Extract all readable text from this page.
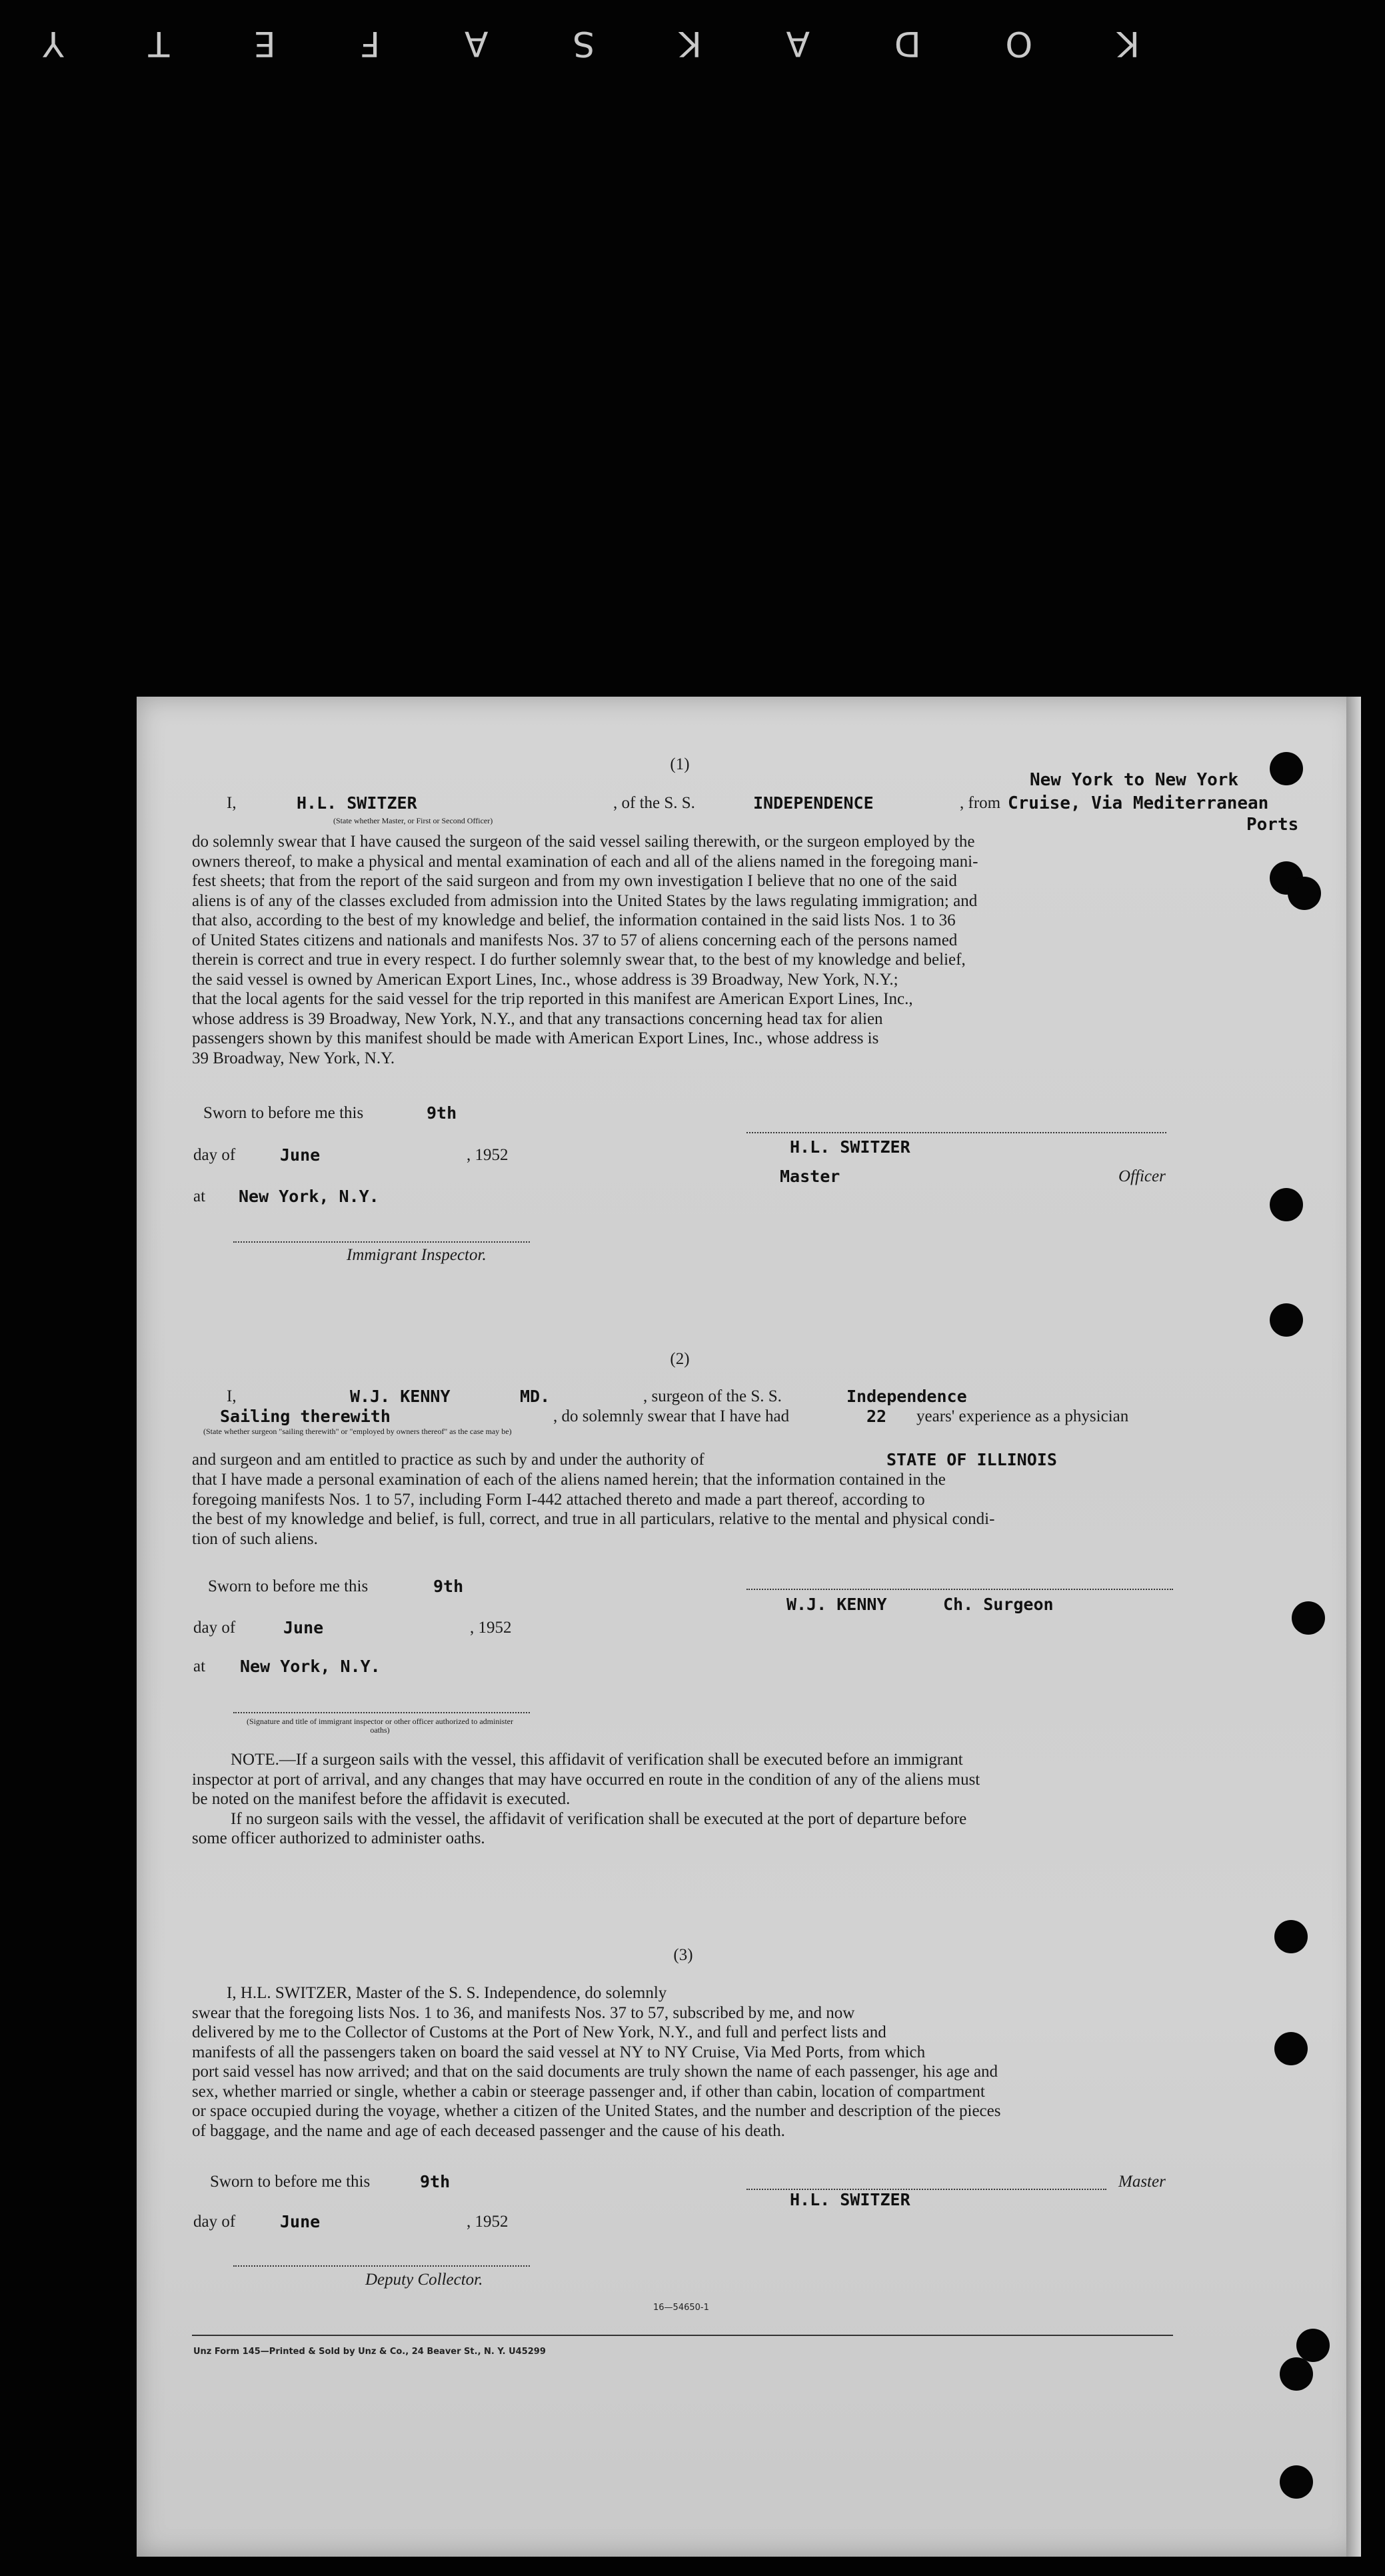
K
O
D
A
K
S
A
F
E
T
Y
(1)
New York to New York
I,	H.L. SWITZER	, of the S. S.	INDEPENDENCE	, from Cruise, Via Mediterranean
Ports
(State whether Master, or First or Second Officer)
do solemnly swear that I have caused the surgeon of the said vessel sailing therewith, or the surgeon employed by the
owners thereof, to make a physical and mental examination of each and all of the aliens named in the foregoing mani-
fest sheets; that from the report of the said surgeon and from my own investigation I believe that no one of the said
aliens is of any of the classes excluded from admission into the United States by the laws regulating immigration; and
that also, according to the best of my knowledge and belief, the information contained in the said lists Nos. 1 to 36
of United States citizens and nationals and manifests Nos. 37 to 57 of aliens concerning each of the persons named
therein is correct and true in every respect. I do further solemnly swear that, to the best of my knowledge and belief,
the said vessel is owned by American Export Lines, Inc., whose address is 39 Broadway, New York, N.Y.;
that the local agents for the said vessel for the trip reported in this manifest are American Export Lines, Inc.,
whose address is 39 Broadway, New York, N.Y., and that any transactions concerning head tax for alien
passengers shown by this manifest should be made with American Export Lines, Inc., whose address is
39 Broadway, New York, N.Y.
Sworn to before me this	9th
day of	June	, 1952
at New York, N.Y.
Immigrant Inspector.
H.L. SWITZER
Master	Officer
(2)
I,	W.J. KENNY	MD.	, surgeon of the S. S.	Independence
Sailing therewith	, do solemnly swear that I have had	22 years' experience as a physician
(State whether surgeon "sailing therewith" or "employed by owners thereof" as the case may be)
and surgeon and am entitled to practice as such by and under the authority of	STATE OF ILLINOIS
that I have made a personal examination of each of the aliens named herein; that the information contained in the
foregoing manifests Nos. 1 to 57, including Form I-442 attached thereto and made a part thereof, according to
the best of my knowledge and belief, is full, correct, and true in all particulars, relative to the mental and physical condi-
tion of such aliens.
Sworn to before me this	9th
day of	June	, 1952
at New York, N.Y.
(Signature and title of immigrant inspector or other officer authorized to administer oaths)
W.J. KENNY	Ch. Surgeon
NOTE.—If a surgeon sails with the vessel, this affidavit of verification shall be executed before an immigrant
inspector at port of arrival, and any changes that may have occurred en route in the condition of any of the aliens must
be noted on the manifest before the affidavit is executed.
If no surgeon sails with the vessel, the affidavit of verification shall be executed at the port of departure before
some officer authorized to administer oaths.
(3)
I, H.L. SWITZER, Master of the S. S. Independence, do solemnly
swear that the foregoing lists Nos. 1 to 36, and manifests Nos. 37 to 57, subscribed by me, and now
delivered by me to the Collector of Customs at the Port of New York, N.Y., and full and perfect lists and
manifests of all the passengers taken on board the said vessel at NY to NY Cruise, Via Med Ports, from which
port said vessel has now arrived; and that on the said documents are truly shown the name of each passenger, his age and
sex, whether married or single, whether a cabin or steerage passenger and, if other than cabin, location of compartment
or space occupied during the voyage, whether a citizen of the United States, and the number and description of the pieces
of baggage, and the name and age of each deceased passenger and the cause of his death.
Sworn to before me this	9th
day of	June	, 1952
Deputy Collector.
Master
H.L. SWITZER
16—54650-1
Unz Form 145—Printed & Sold by Unz & Co., 24 Beaver St., N. Y. U45299
